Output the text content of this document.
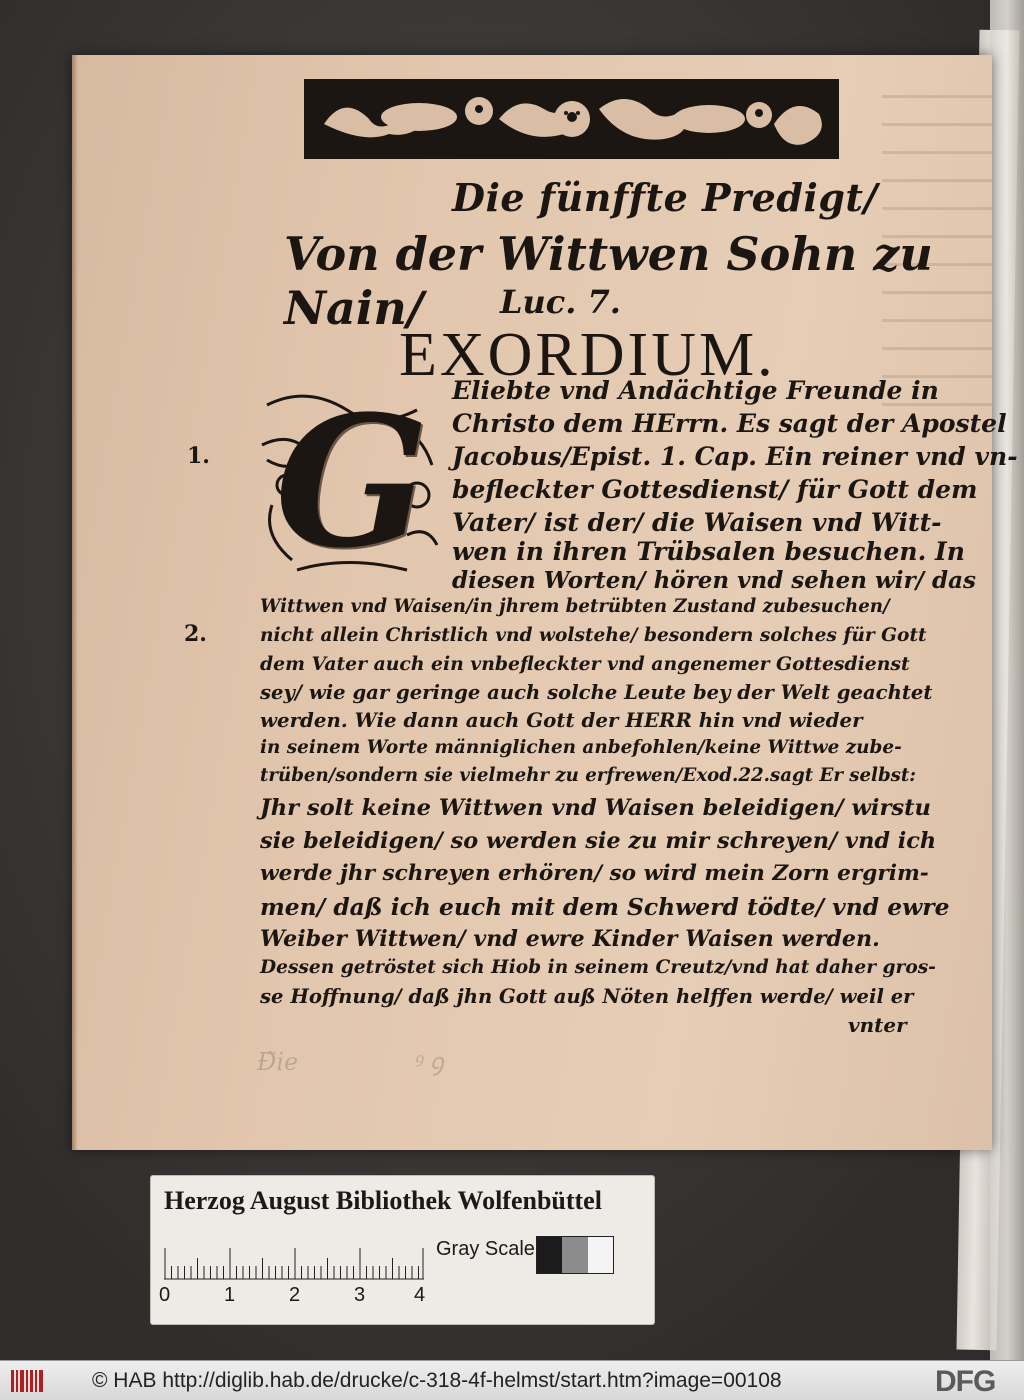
Die fünffte Predigt/
Von der Wittwen Sohn zu Nain/	Luc. 7.
EXORDIUM.
G
1.
2.
Eliebte vnd Andächtige Freunde in
Christo dem HErrn. Es sagt der Apostel
Jacobus/Epist. 1. Cap. Ein reiner vnd vn-
befleckter Gottesdienst/ für Gott dem
Vater/ ist der/ die Waisen vnd Witt-
wen in ihren Trübsalen besuchen. In
diesen Worten/ hören vnd sehen wir/ das
Wittwen vnd Waisen/in jhrem betrübten Zustand zubesuchen/
nicht allein Christlich vnd wolstehe/ besondern solches für Gott
dem Vater auch ein vnbefleckter vnd angenemer Gottesdienst
sey/ wie gar geringe auch solche Leute bey der Welt geachtet
werden. Wie dann auch Gott der HERR hin vnd wieder
in seinem Worte männiglichen anbefohlen/keine Wittwe zube-
trüben/sondern sie vielmehr zu erfrewen/Exod.22.sagt Er selbst:
Jhr solt keine Wittwen vnd Waisen beleidigen/ wirstu
sie beleidigen/ so werden sie zu mir schreyen/ vnd ich
werde jhr schreyen erhören/ so wird mein Zorn ergrim-
men/ daß ich euch mit dem Schwerd tödte/ vnd ewre
Weiber Wittwen/ vnd ewre Kinder Waisen werden.
Dessen getröstet sich Hiob in seinem Creutz/vnd hat daher gros-
se Hoffnung/ daß jhn Gott auß Nöten helffen werde/ weil er
vnter
Ɖ̃ie               ꝰ ꝯ
Herzog August Bibliothek Wolfenbüttel
0	1	2	3 4
Gray Scale
© HAB http://diglib.hab.de/drucke/c-318-4f-helmst/start.htm?image=00108	DFG
